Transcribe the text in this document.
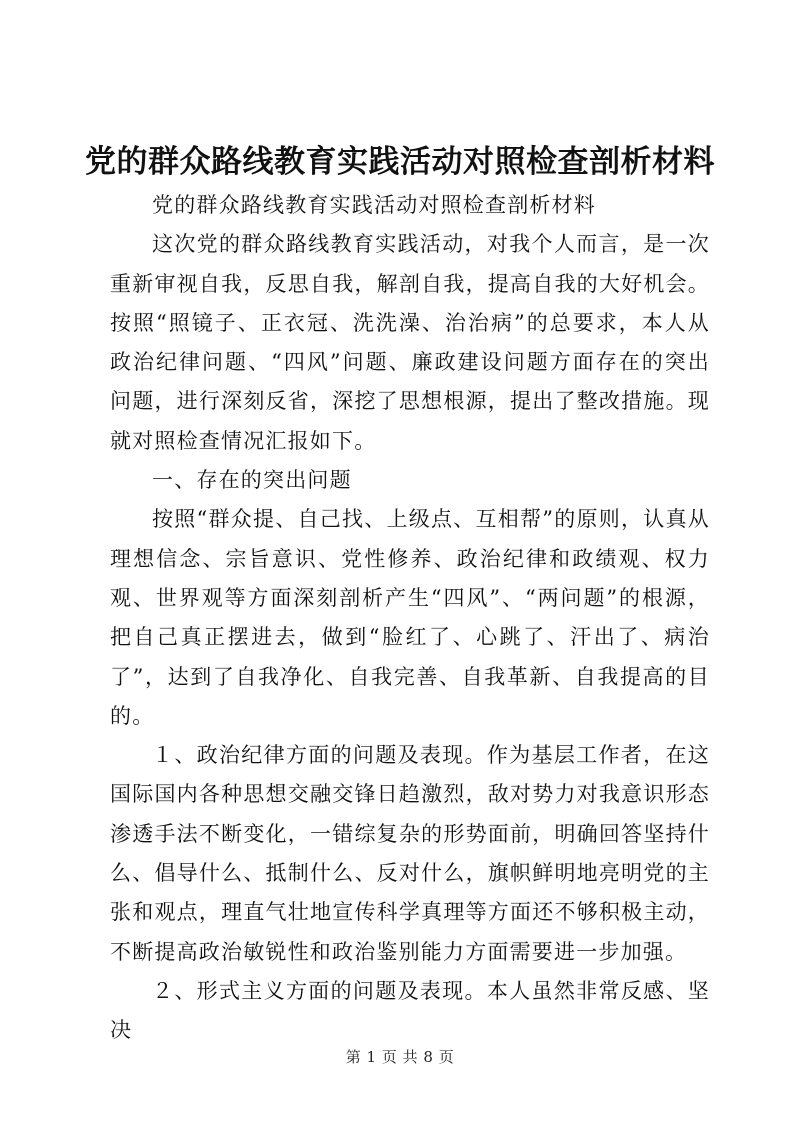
党的群众路线教育实践活动对照检查剖析材料

党的群众路线教育实践活动对照检查剖析材料

这次党的群众路线教育实践活动，对我个人而言，是一次重新审视自我，反思自我，解剖自我，提高自我的大好机会。按照“照镜子、正衣冠、洗洗澡、治治病”的总要求，本人从政治纪律问题、“四风”问题、廉政建设问题方面存在的突出问题，进行深刻反省，深挖了思想根源，提出了整改措施。现就对照检查情况汇报如下。

一、存在的突出问题

按照“群众提、自己找、上级点、互相帮”的原则，认真从理想信念、宗旨意识、党性修养、政治纪律和政绩观、权力观、世界观等方面深刻剖析产生“四风”、“两问题”的根源，把自己真正摆进去，做到“脸红了、心跳了、汗出了、病治了”，达到了自我净化、自我完善、自我革新、自我提高的目的。

１、政治纪律方面的问题及表现。作为基层工作者，在这国际国内各种思想交融交锋日趋激烈，敌对势力对我意识形态渗透手法不断变化，一错综复杂的形势面前，明确回答坚持什么、倡导什么、抵制什么、反对什么，旗帜鲜明地亮明党的主张和观点，理直气壮地宣传科学真理等方面还不够积极主动，不断提高政治敏锐性和政治鉴别能力方面需要进一步加强。

２、形式主义方面的问题及表现。本人虽然非常反感、坚决

第 1 页 共 8 页
